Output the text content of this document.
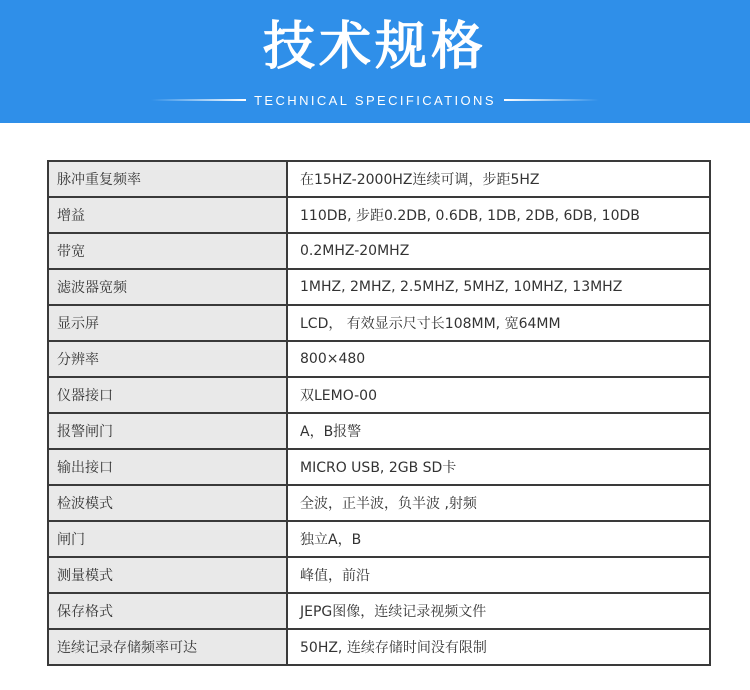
技术规格
TECHNICAL SPECIFICATIONS
脉冲重复频率	在15HZ-2000HZ连续可调，步距5HZ
增益	110DB, 步距0.2DB, 0.6DB, 1DB, 2DB, 6DB, 10DB
带宽	0.2MHZ-20MHZ
滤波器宽频	1MHZ, 2MHZ, 2.5MHZ, 5MHZ, 10MHZ, 13MHZ
显示屏	LCD， 有效显示尺寸长108MM, 宽64MM
分辨率	800×480
仪器接口	双LEMO-00
报警闸门	A，B报警
输出接口	MICRO USB, 2GB SD卡
检波模式	全波，正半波，负半波 ,射频
闸门	独立A，B
测量模式	峰值，前沿
保存格式	JEPG图像，连续记录视频文件
连续记录存储频率可达	50HZ, 连续存储时间没有限制
